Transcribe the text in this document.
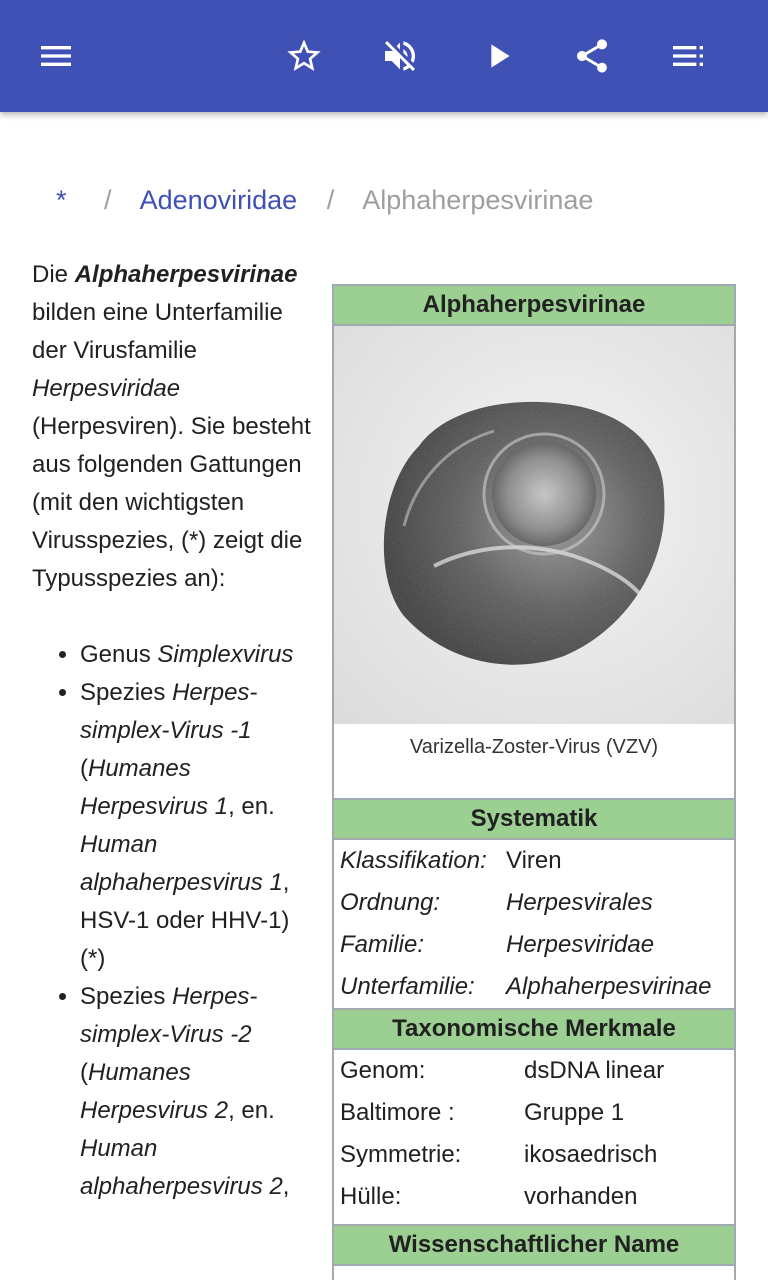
* / Adenoviridae / Alphaherpesvirinae

Die Alphaherpesvirinae bilden eine Unterfamilie der Virusfamilie Herpesviridae (Herpesviren). Sie besteht aus folgenden Gattungen (mit den wichtigsten Virusspezies, (*) zeigt die Typusspezies an):

• Genus Simplexvirus
• Spezies Herpes-simplex-Virus -1 (Humanes Herpesvirus 1, en. Human alphaherpesvirus 1, HSV-1 oder HHV-1) (*)
• Spezies Herpes-simplex-Virus -2 (Humanes Herpesvirus 2, en. Human alphaherpesvirus 2,
Alphaherpesvirinae
Varizella-Zoster-Virus (VZV)
Systematik
Klassifikation: Viren
Ordnung:	Herpesvirales
Familie:	Herpesviridae
Unterfamilie:	Alphaherpesvirinae
Taxonomische Merkmale
Genom:	dsDNA linear
Baltimore :	Gruppe 1
Symmetrie:	ikosaedrisch
Hülle:	vorhanden
Wissenschaftlicher Name
